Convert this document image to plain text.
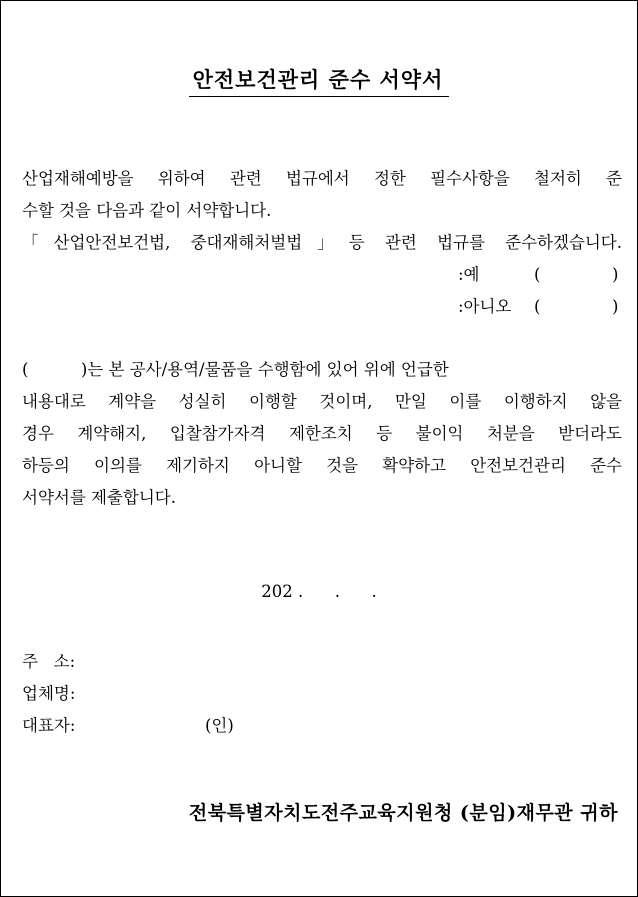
안전보건관리 준수 서약서
산업재해예방을 위하여 관련 법규에서 정한 필수사항을 철저히 준
수할 것을 다음과 같이 서약합니다.
「산업안전보건법, 중대재해처벌법」등 관련 법규를 준수하겠습니다.
:예	(	)
:아니오 (	)
(          )는 본 공사/용역/물품을 수행함에 있어 위에 언급한
내용대로 계약을 성실히 이행할 것이며, 만일 이를 이행하지 않을
경우 계약해지, 입찰참가자격 제한조치 등 불이익 처분을 받더라도
하등의 이의를 제기하지 아니할 것을 확약하고 안전보건관리 준수
서약서를 제출합니다.
202 .      .      .
주   소:
업체명:
대표자:	(인)
전북특별자치도전주교육지원청 (분임)재무관 귀하
